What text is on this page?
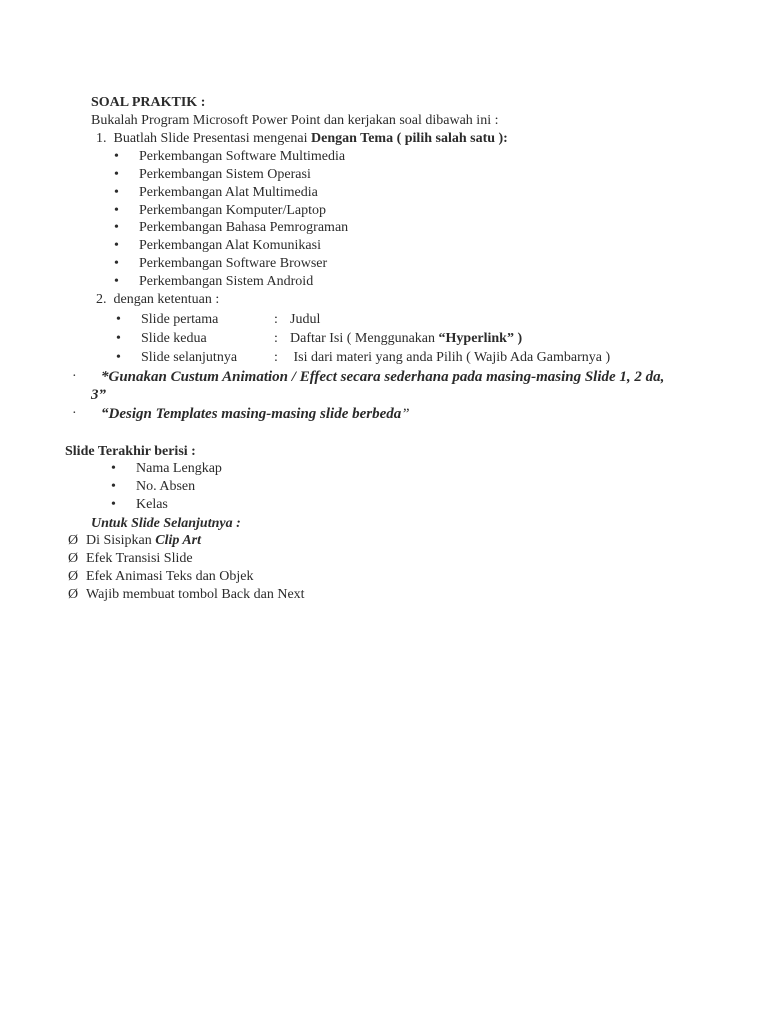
SOAL PRAKTIK :
Bukalah Program Microsoft Power Point dan kerjakan soal dibawah ini :
1. Buatlah Slide Presentasi mengenai Dengan Tema ( pilih salah satu ):
• Perkembangan Software Multimedia
• Perkembangan Sistem Operasi
• Perkembangan Alat Multimedia
• Perkembangan Komputer/Laptop
• Perkembangan Bahasa Pemrograman
• Perkembangan Alat Komunikasi
• Perkembangan Software Browser
• Perkembangan Sistem Android
2. dengan ketentuan :
• Slide pertama	: Judul
• Slide kedua	: Daftar Isi ( Menggunakan “Hyperlink” )
• Slide selanjutnya	: Isi dari materi yang anda Pilih ( Wajib Ada Gambarnya )
· *Gunakan Custum Animation / Effect secara sederhana pada masing-masing Slide 1, 2 da,
3”
· “Design Templates masing-masing slide berbeda”
Slide Terakhir berisi :
• Nama Lengkap
• No. Absen
• Kelas
Untuk Slide Selanjutnya :
Ø Di Sisipkan Clip Art
Ø Efek Transisi Slide
Ø Efek Animasi Teks dan Objek
Ø Wajib membuat tombol Back dan Next
